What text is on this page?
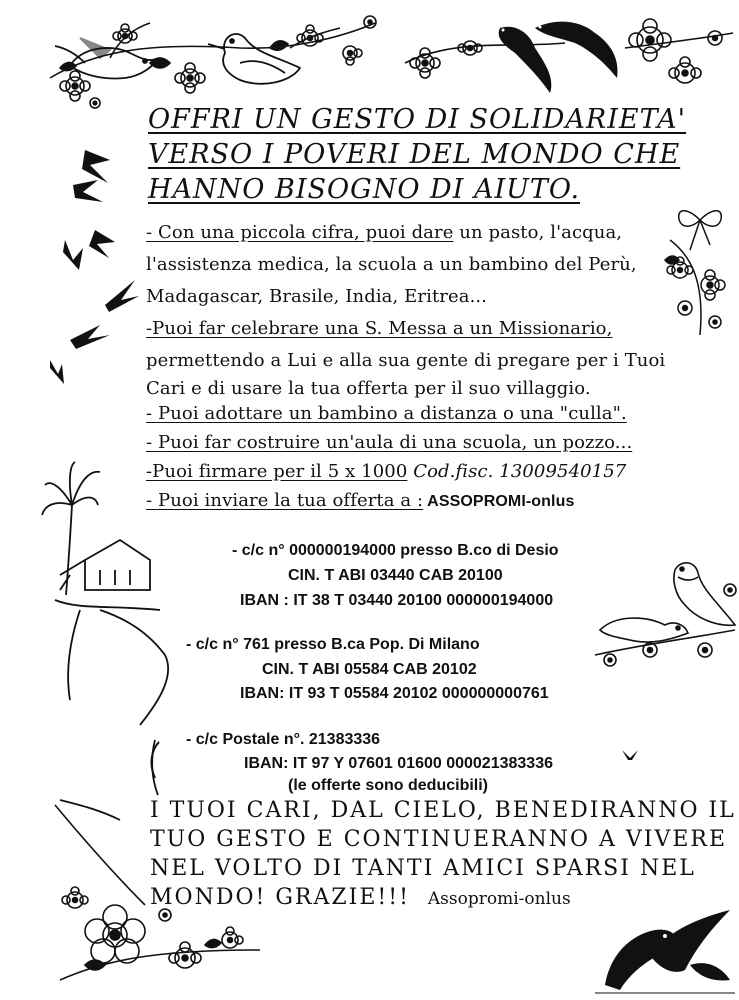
OFFRI UN GESTO DI SOLIDARIETA'
VERSO I POVERI DEL MONDO CHE
HANNO BISOGNO DI AIUTO.
- Con una piccola cifra, puoi dare un pasto, l'acqua,
l'assistenza medica, la scuola a un bambino del Perù,
Madagascar, Brasile, India, Eritrea...
-Puoi far celebrare una S. Messa a un Missionario,
permettendo a Lui e alla sua gente di pregare per i Tuoi
Cari e di usare la tua offerta per il suo villaggio.
- Puoi adottare un bambino a distanza o una "culla".
- Puoi far costruire un'aula di una scuola, un pozzo...
-Puoi firmare per il 5 x 1000 Cod.fisc. 13009540157
- Puoi inviare la tua offerta a : ASSOPROMI-onlus
- c/c n° 000000194000 presso B.co di Desio
CIN. T ABI 03440 CAB 20100
IBAN : IT 38 T 03440 20100 000000194000
- c/c n° 761 presso B.ca Pop. Di Milano
CIN. T ABI 05584 CAB 20102
IBAN: IT 93 T 05584 20102 000000000761
- c/c Postale n°. 21383336
IBAN: IT 97 Y 07601 01600 000021383336
(le offerte sono deducibili)
I TUOI CARI, DAL CIELO, BENEDIRANNO IL
TUO GESTO E CONTINUERANNO A VIVERE
NEL VOLTO DI TANTI AMICI SPARSI NEL
MONDO! GRAZIE!!! Assopromi-onlus
